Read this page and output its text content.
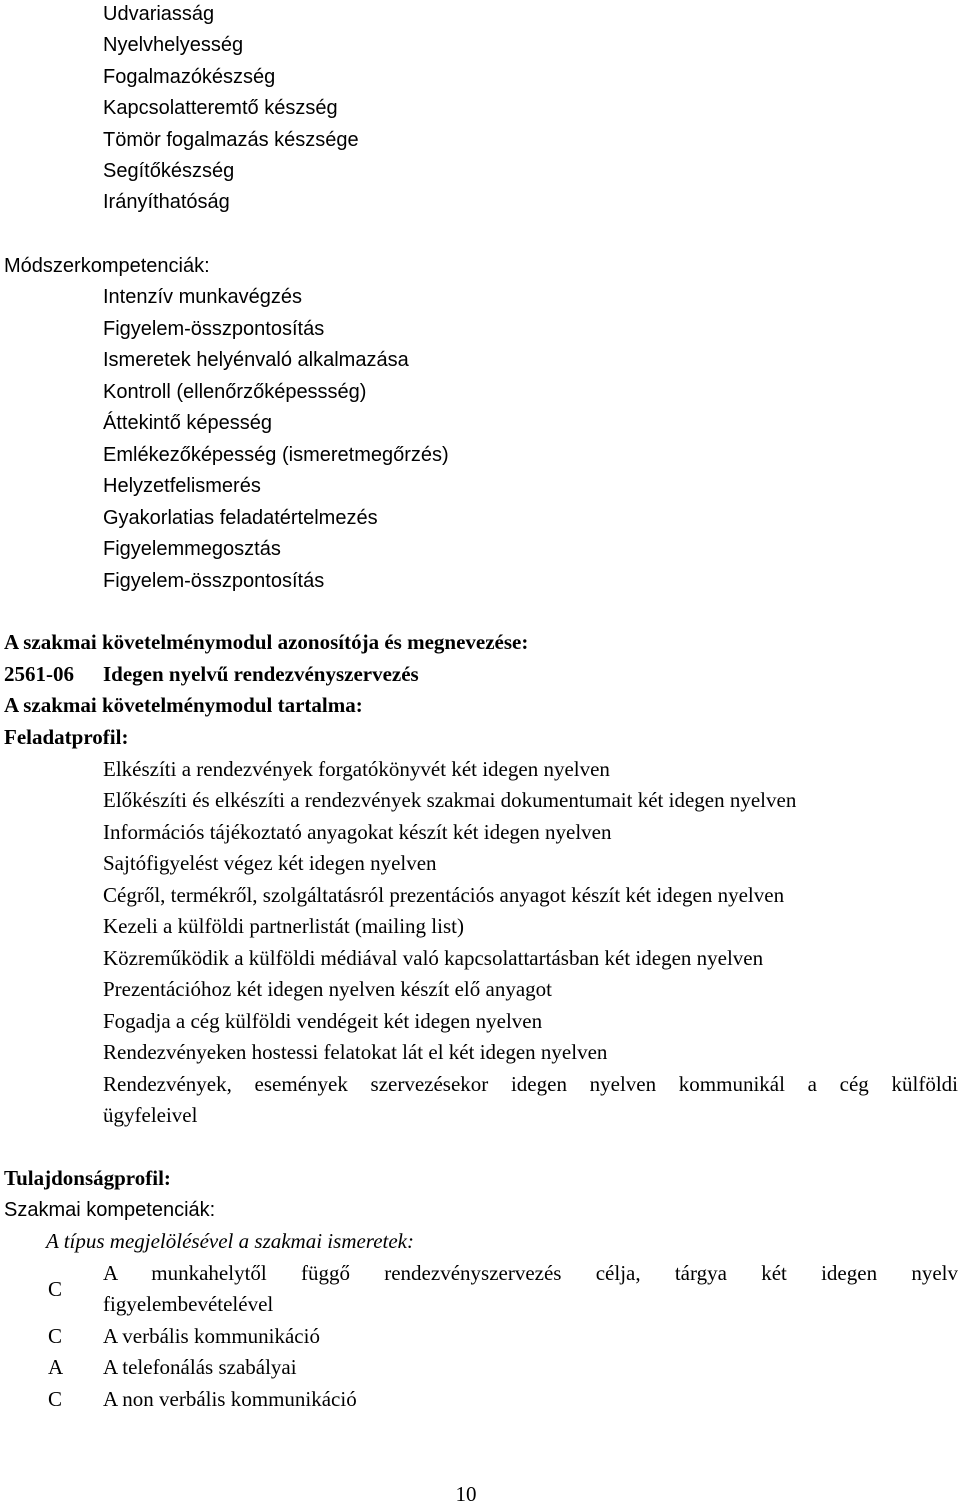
Udvariasság
Nyelvhelyesség
Fogalmazókészség
Kapcsolatteremtő készség
Tömör fogalmazás készsége
Segítőkészség
Irányíthatóság
Módszerkompetenciák:
Intenzív munkavégzés
Figyelem-összpontosítás
Ismeretek helyénvaló alkalmazása
Kontroll (ellenőrzőképessség)
Áttekintő képesség
Emlékezőképesség (ismeretmegőrzés)
Helyzetfelismerés
Gyakorlatias feladatértelmezés
Figyelemmegosztás
Figyelem-összpontosítás
A szakmai követelménymodul azonosítója és megnevezése:
2561-06 Idegen nyelvű rendezvényszervezés
A szakmai követelménymodul tartalma:
Feladatprofil:
Elkészíti a rendezvények forgatókönyvét két idegen nyelven
Előkészíti és elkészíti a rendezvények szakmai dokumentumait két idegen nyelven
Információs tájékoztató anyagokat készít két idegen nyelven
Sajtófigyelést végez két idegen nyelven
Cégről, termékről, szolgáltatásról prezentációs anyagot készít két idegen nyelven
Kezeli a külföldi partnerlistát (mailing list)
Közreműködik a külföldi médiával való kapcsolattartásban két idegen nyelven
Prezentációhoz két idegen nyelven készít elő anyagot
Fogadja a cég külföldi vendégeit két idegen nyelven
Rendezvényeken hostessi felatokat lát el két idegen nyelven
Rendezvények, események szervezésekor idegen nyelven kommunikál a cég külföldi
ügyfeleivel
Tulajdonságprofil:
Szakmai kompetenciák:
A típus megjelölésével a szakmai ismeretek:
C
A munkahelytől függő rendezvényszervezés célja, tárgya két idegen nyelv
figyelembevételével
C A verbális kommunikáció
A A telefonálás szabályai
C A non verbális kommunikáció
10
